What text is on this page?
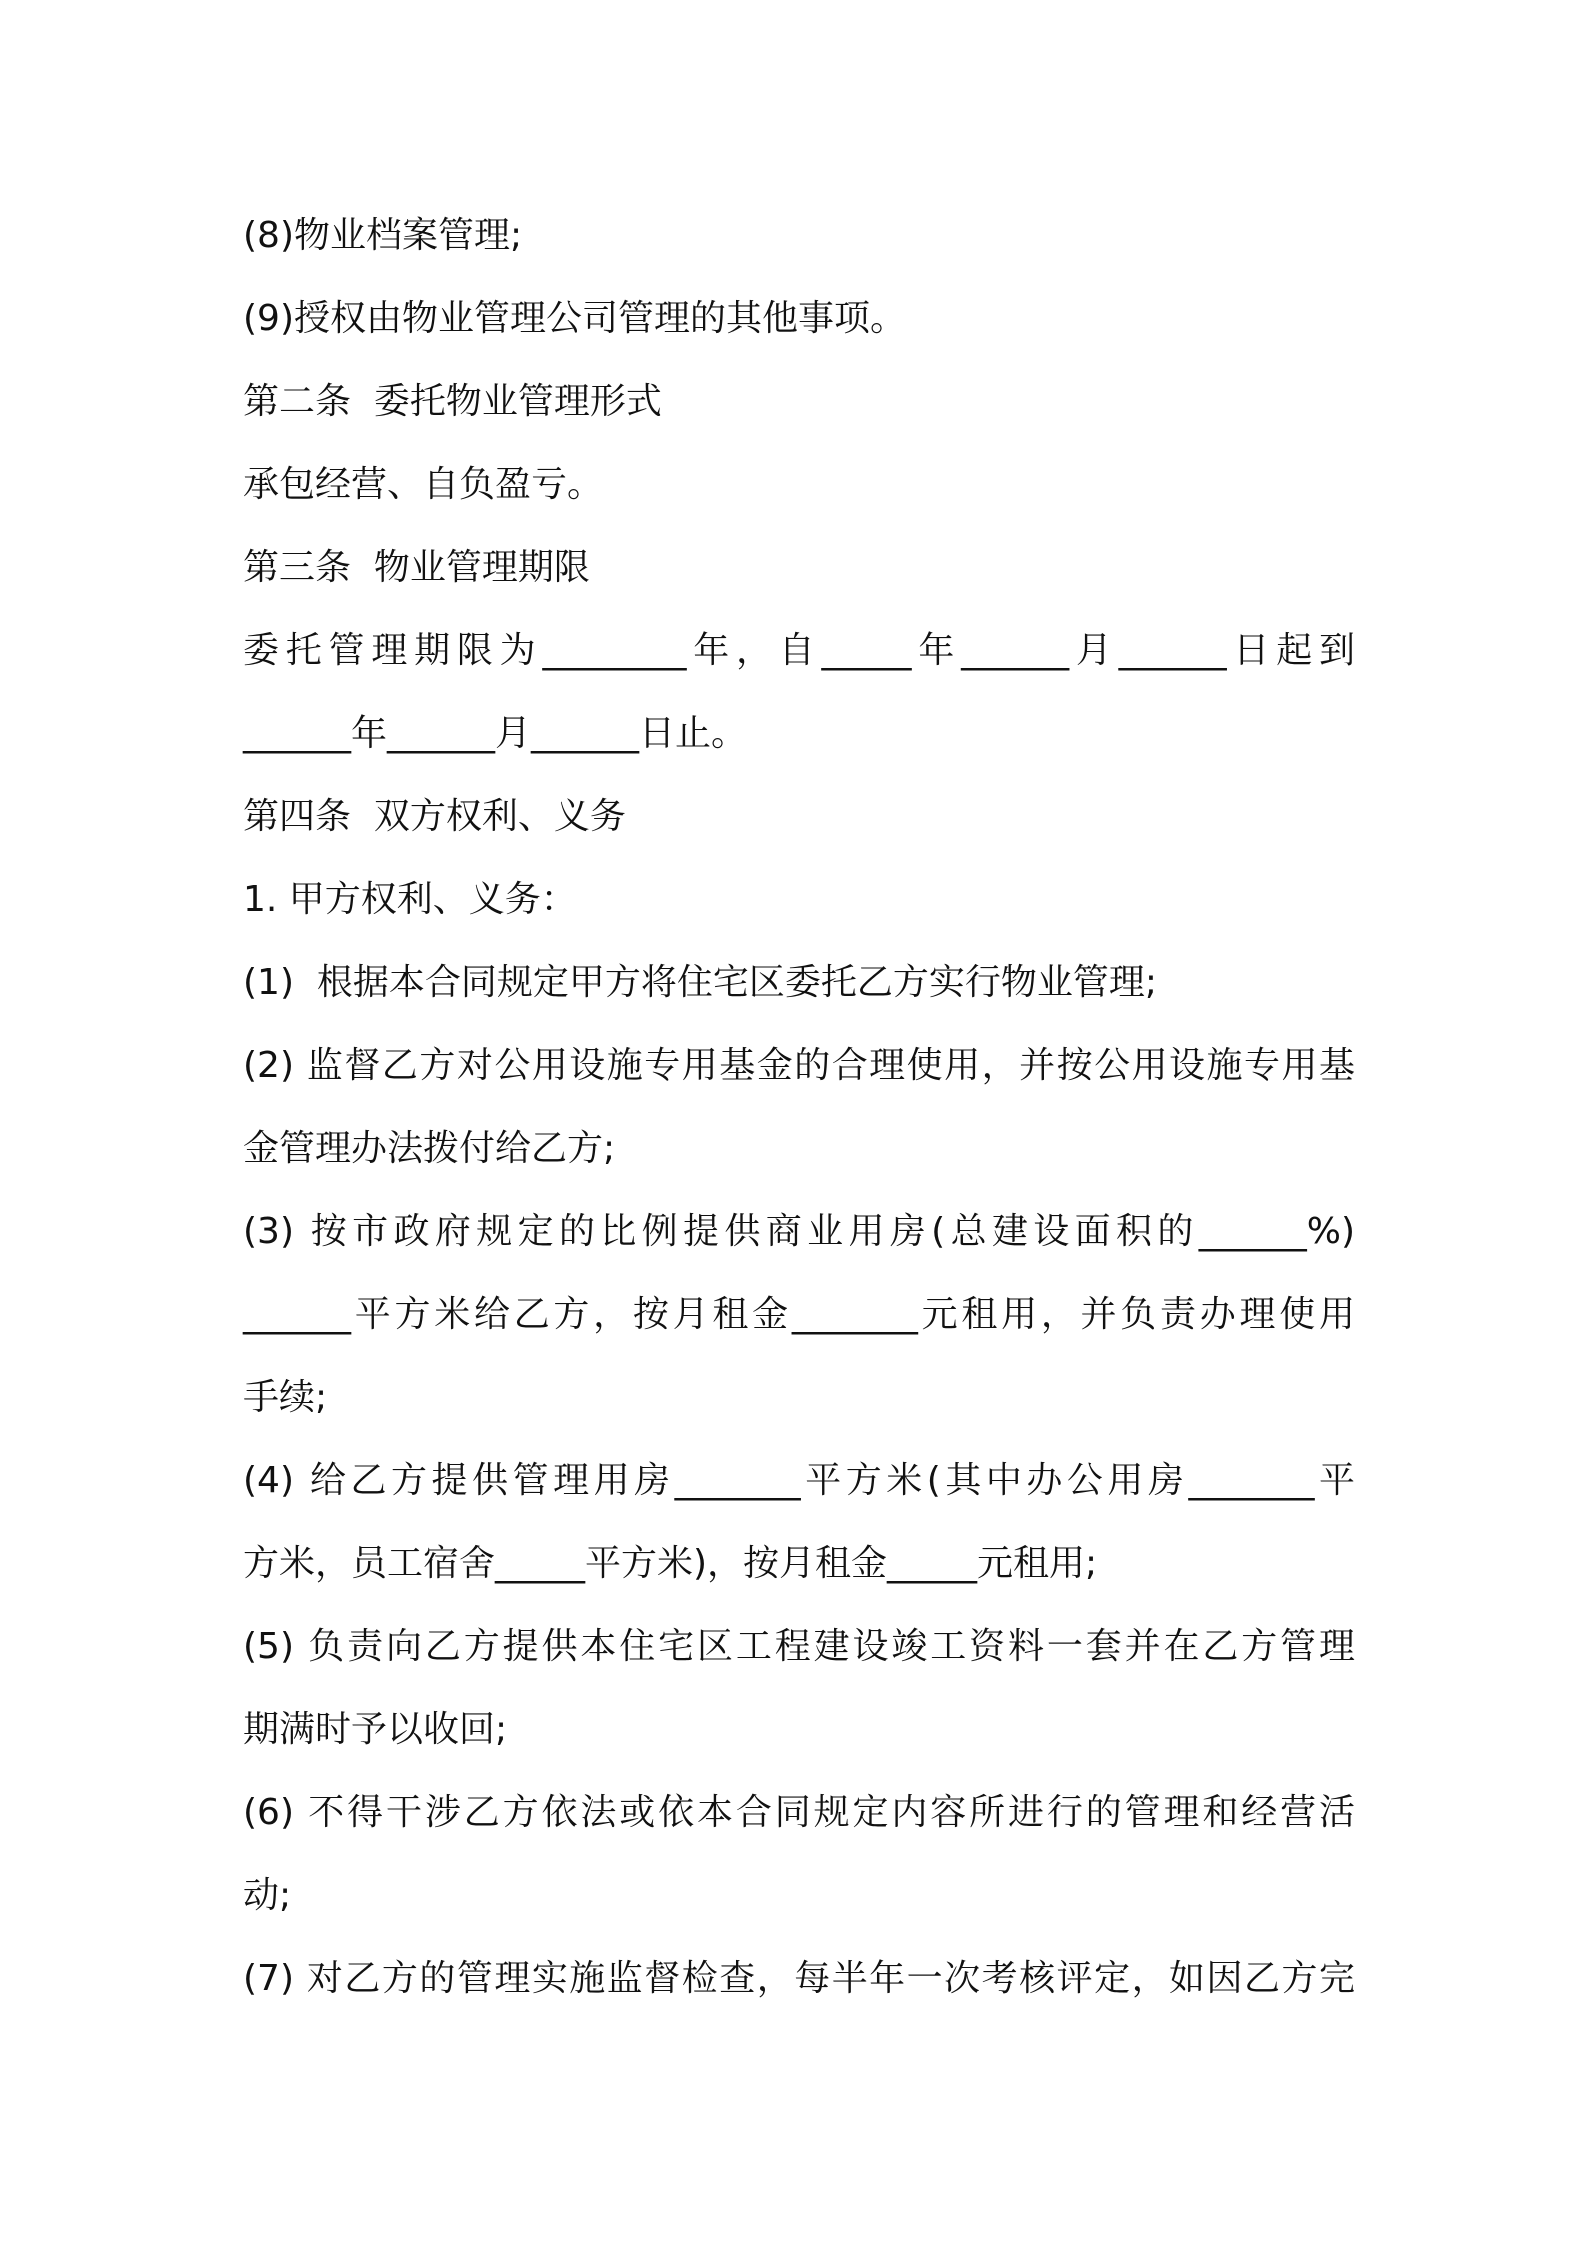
(8)物业档案管理;
(9)授权由物业管理公司管理的其他事项。
第二条  委托物业管理形式
承包经营、自负盈亏。
第三条  物业管理期限
委托管理期限为________年，自_____年______月______日起到
______年______月______日止。
第四条  双方权利、义务
1. 甲方权利、义务：
(1)  根据本合同规定甲方将住宅区委托乙方实行物业管理;
(2) 监督乙方对公用设施专用基金的合理使用，并按公用设施专用基
金管理办法拨付给乙方;
(3) 按市政府规定的比例提供商业用房(总建设面积的______%)
______平方米给乙方，按月租金_______元租用，并负责办理使用
手续;
(4) 给乙方提供管理用房_______平方米(其中办公用房_______平
方米，员工宿舍_____平方米)，按月租金_____元租用;
(5) 负责向乙方提供本住宅区工程建设竣工资料一套并在乙方管理
期满时予以收回;
(6) 不得干涉乙方依法或依本合同规定内容所进行的管理和经营活
动;
(7) 对乙方的管理实施监督检查，每半年一次考核评定，如因乙方完
